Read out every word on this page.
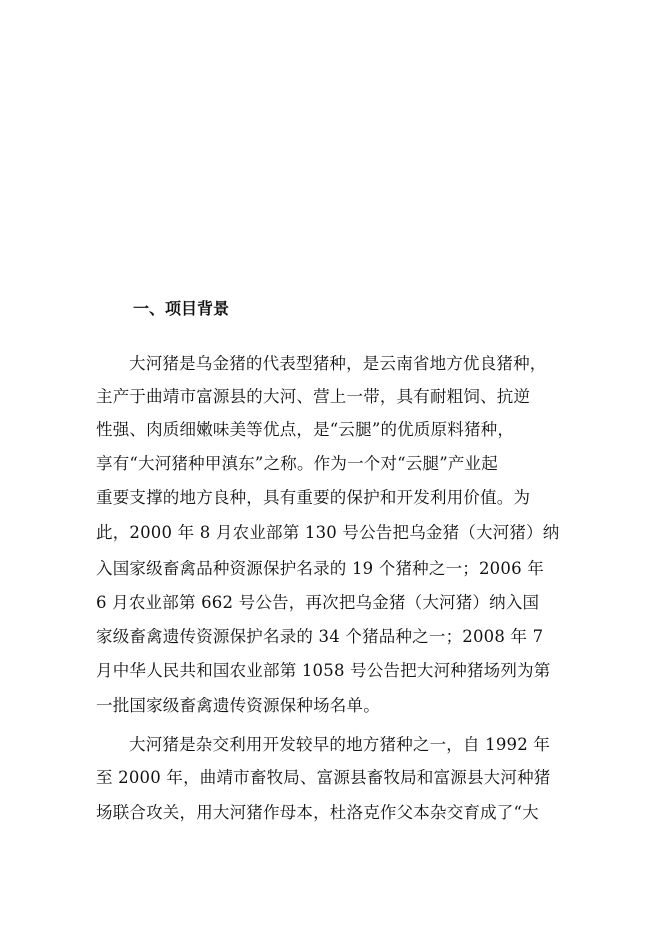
一、项目背景

大河猪是乌金猪的代表型猪种，是云南省地方优良猪种，

主产于曲靖市富源县的大河、营上一带，具有耐粗饲、抗逆

性强、肉质细嫩味美等优点，是“云腿”的优质原料猪种，

享有“大河猪种甲滇东”之称。作为一个对“云腿”产业起

重要支撑的地方良种，具有重要的保护和开发利用价值。为

此，2000 年 8 月农业部第 130 号公告把乌金猪（大河猪）纳

入国家级畜禽品种资源保护名录的 19 个猪种之一；2006 年

6 月农业部第 662 号公告，再次把乌金猪（大河猪）纳入国

家级畜禽遗传资源保护名录的 34 个猪品种之一；2008 年 7

月中华人民共和国农业部第 1058 号公告把大河种猪场列为第

一批国家级畜禽遗传资源保种场名单。

大河猪是杂交利用开发较早的地方猪种之一，自 1992 年

至 2000 年，曲靖市畜牧局、富源县畜牧局和富源县大河种猪

场联合攻关，用大河猪作母本，杜洛克作父本杂交育成了“大
